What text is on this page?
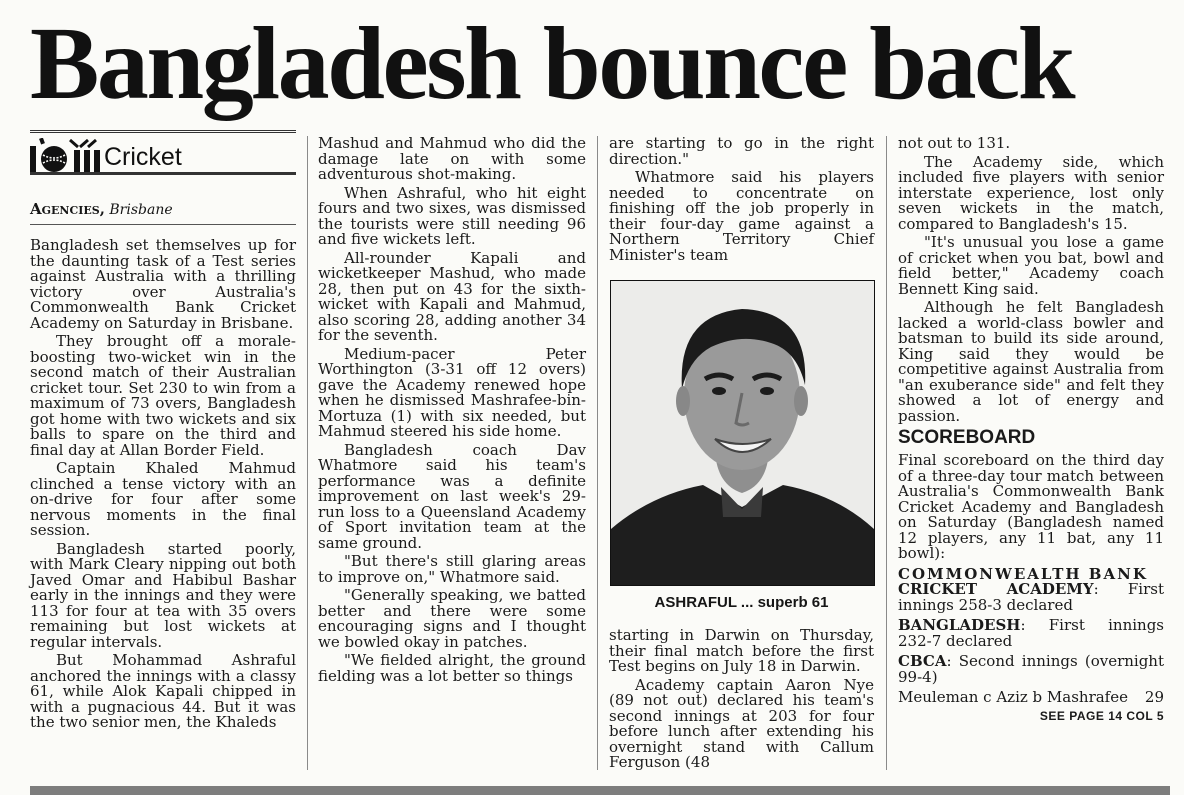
Bangladesh bounce back
Cricket
Agencies, Brisbane

Bangladesh set themselves up for the daunting task of a Test series against Australia with a thrilling victory over Australia's Commonwealth Bank Cricket Academy on Saturday in Brisbane.

They brought off a morale-boosting two-wicket win in the second match of their Australian cricket tour. Set 230 to win from a maximum of 73 overs, Bangladesh got home with two wickets and six balls to spare on the third and final day at Allan Border Field.

Captain Khaled Mahmud clinched a tense victory with an on-drive for four after some nervous moments in the final session.

Bangladesh started poorly, with Mark Cleary nipping out both Javed Omar and Habibul Bashar early in the innings and they were 113 for four at tea with 35 overs remaining but lost wickets at regular intervals.

But Mohammad Ashraful anchored the innings with a classy 61, while Alok Kapali chipped in with a pugnacious 44. But it was the two senior men, the Khaleds

Mashud and Mahmud who did the damage late on with some adventurous shot-making.

When Ashraful, who hit eight fours and two sixes, was dismissed the tourists were still needing 96 and five wickets left.

All-rounder Kapali and wicketkeeper Mashud, who made 28, then put on 43 for the sixth-wicket with Kapali and Mahmud, also scoring 28, adding another 34 for the seventh.

Medium-pacer Peter Worthington (3-31 off 12 overs) gave the Academy renewed hope when he dismissed Mashrafee-bin-Mortuza (1) with six needed, but Mahmud steered his side home.

Bangladesh coach Dav Whatmore said his team's performance was a definite improvement on last week's 29-run loss to a Queensland Academy of Sport invitation team at the same ground.

"But there's still glaring areas to improve on," Whatmore said.

"Generally speaking, we batted better and there were some encouraging signs and I thought we bowled okay in patches.

"We fielded alright, the ground fielding was a lot better so things

are starting to go in the right direction."

Whatmore said his players needed to concentrate on finishing off the job properly in their four-day game against a Northern Territory Chief Minister's team

ASHRAFUL ... superb 61

starting in Darwin on Thursday, their final match before the first Test begins on July 18 in Darwin.

Academy captain Aaron Nye (89 not out) declared his team's second innings at 203 for four before lunch after extending his overnight stand with Callum Ferguson (48

not out to 131.

The Academy side, which included five players with senior interstate experience, lost only seven wickets in the match, compared to Bangladesh's 15.

"It's unusual you lose a game of cricket when you bat, bowl and field better," Academy coach Bennett King said.

Although he felt Bangladesh lacked a world-class bowler and batsman to build its side around, King said they would be competitive against Australia from "an exuberance side" and felt they showed a lot of energy and passion.

SCOREBOARD

Final scoreboard on the third day of a three-day tour match between Australia's Commonwealth Bank Cricket Academy and Bangladesh on Saturday (Bangladesh named 12 players, any 11 bat, any 11 bowl):

COMMONWEALTH BANK
CRICKET ACADEMY: First innings 258-3 declared

BANGLADESH: First innings 232-7 declared

CBCA: Second innings (overnight 99-4)

Meuleman c Aziz b Mashrafee 29
SEE PAGE 14 COL 5
